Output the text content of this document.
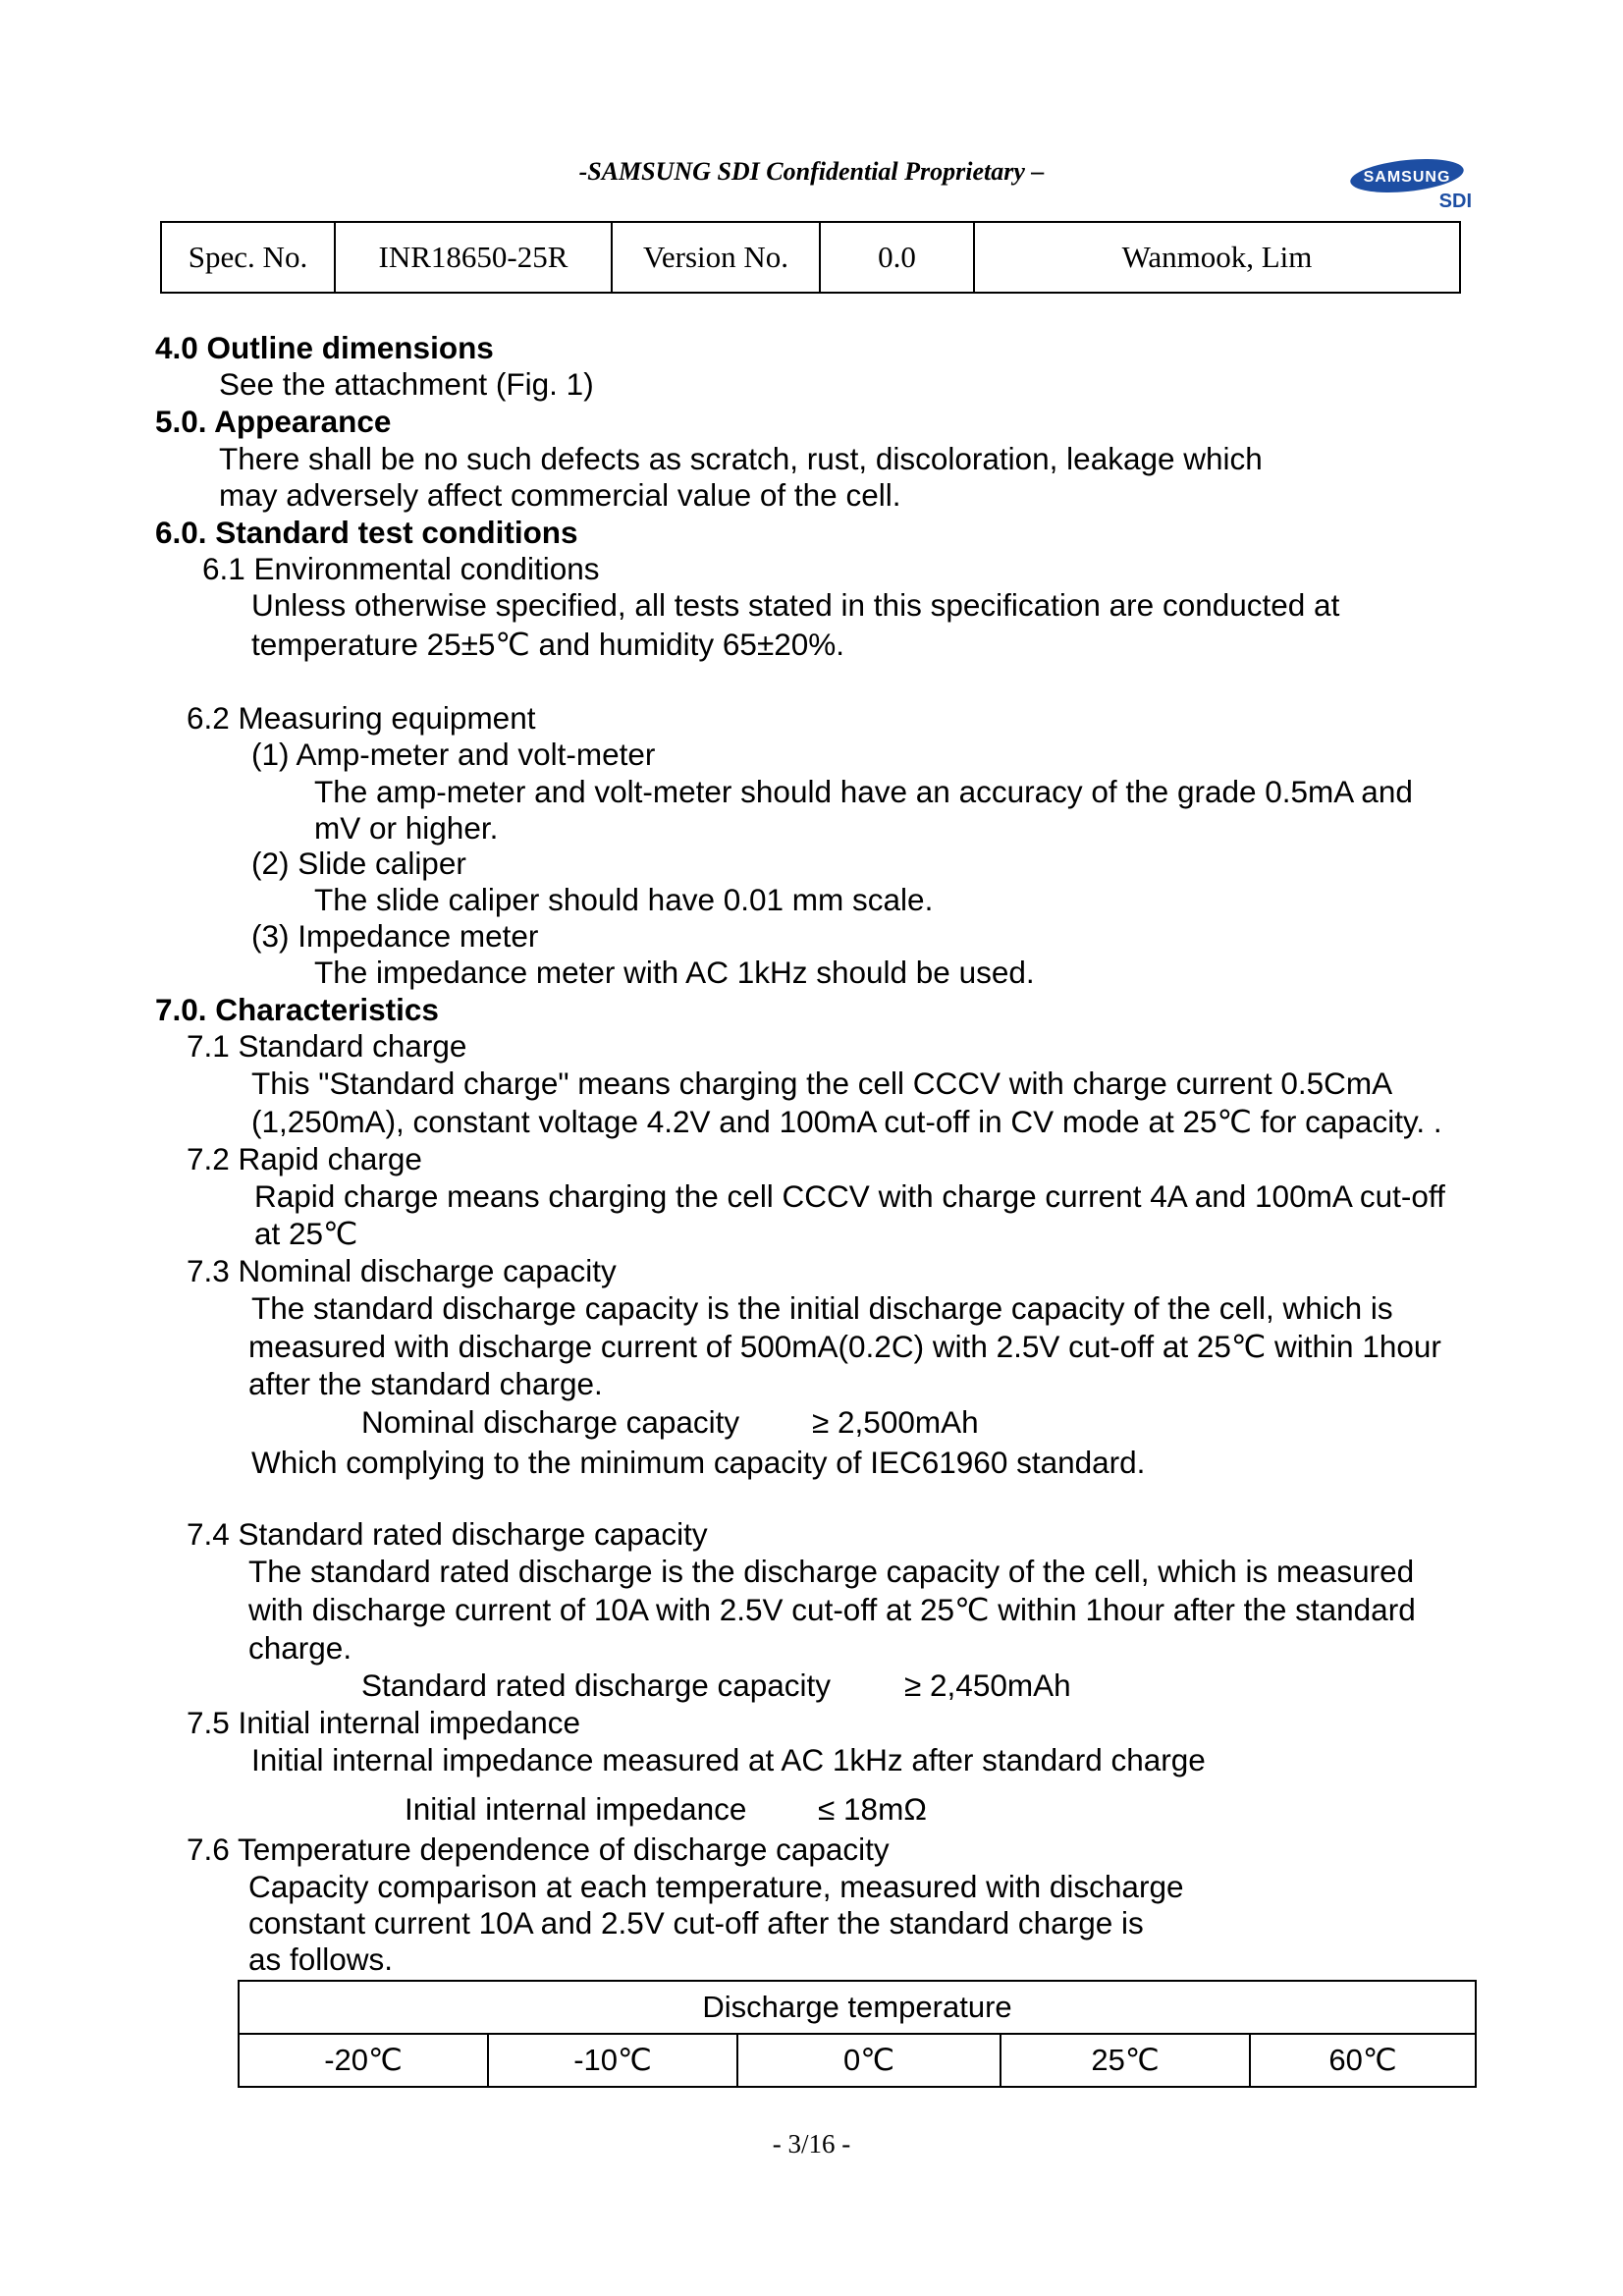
-SAMSUNG SDI Confidential Proprietary –	SAMSUNG
SDI
Spec. No.	INR18650-25R	Version No.	0.0	Wanmook, Lim
4.0 Outline dimensions
See the attachment (Fig. 1)
5.0. Appearance
There shall be no such defects as scratch, rust, discoloration, leakage which
may adversely affect commercial value of the cell.
6.0. Standard test conditions
6.1 Environmental conditions
Unless otherwise specified, all tests stated in this specification are conducted at
temperature 25±5℃ and humidity 65±20%.
6.2 Measuring equipment
(1) Amp-meter and volt-meter
The amp-meter and volt-meter should have an accuracy of the grade 0.5mA and
mV or higher.
(2) Slide caliper
The slide caliper should have 0.01 mm scale.
(3) Impedance meter
The impedance meter with AC 1kHz should be used.
7.0. Characteristics
7.1 Standard charge
This "Standard charge" means charging the cell CCCV with charge current 0.5CmA
(1,250mA), constant voltage 4.2V and 100mA cut-off in CV mode at 25℃ for capacity. .
7.2 Rapid charge
Rapid charge means charging the cell CCCV with charge current 4A and 100mA cut-off
at 25℃
7.3 Nominal discharge capacity
The standard discharge capacity is the initial discharge capacity of the cell, which is
measured with discharge current of 500mA(0.2C) with 2.5V cut-off at 25℃ within 1hour
after the standard charge.
Nominal discharge capacity ≥ 2,500mAh
Which complying to the minimum capacity of IEC61960 standard.
7.4 Standard rated discharge capacity
The standard rated discharge is the discharge capacity of the cell, which is measured
with discharge current of 10A with 2.5V cut-off at 25℃ within 1hour after the standard
charge.
Standard rated discharge capacity ≥ 2,450mAh
7.5 Initial internal impedance
Initial internal impedance measured at AC 1kHz after standard charge
Initial internal impedance ≤ 18mΩ
7.6 Temperature dependence of discharge capacity
Capacity comparison at each temperature, measured with discharge
constant current 10A and 2.5V cut-off after the standard charge is
as follows.
Discharge temperature
-20℃	-10℃	0℃	25℃	60℃
- 3/16 -
